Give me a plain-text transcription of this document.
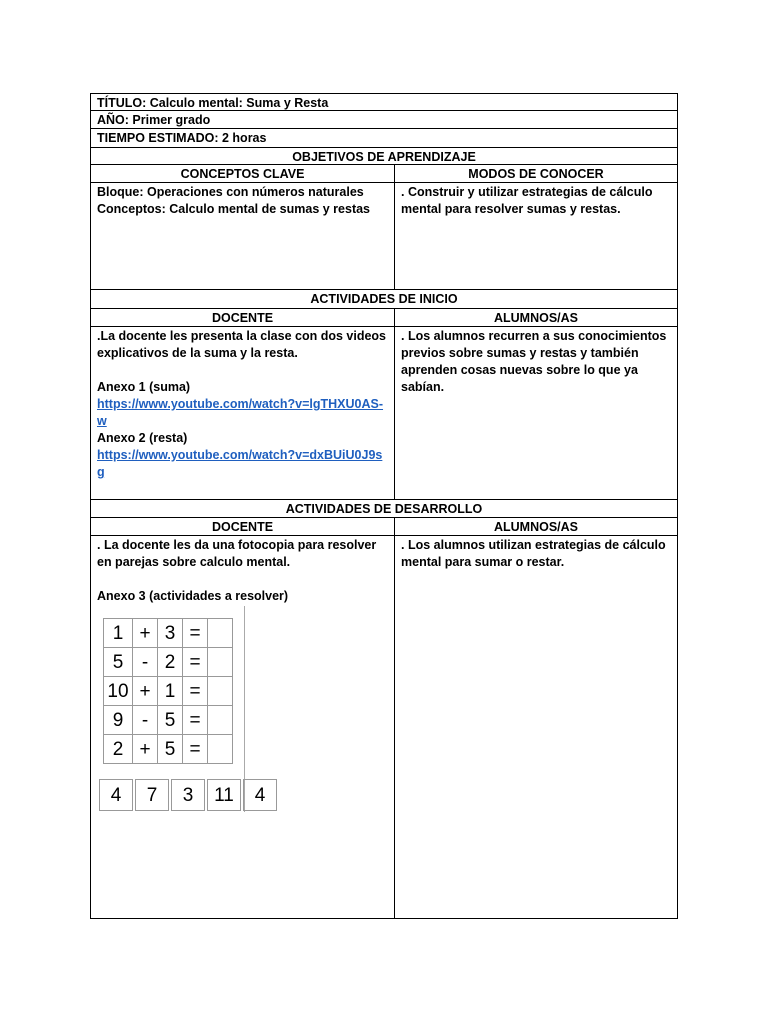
TÍTULO: Calculo mental: Suma y Resta
AÑO: Primer grado
TIEMPO ESTIMADO: 2 horas
OBJETIVOS DE APRENDIZAJE
CONCEPTOS CLAVE	MODOS DE CONOCER
Bloque: Operaciones con números naturales
Conceptos: Calculo mental de sumas y restas
. Construir y utilizar estrategias de cálculo mental para resolver sumas y restas.
ACTIVIDADES DE INICIO
DOCENTE	ALUMNOS/AS
.La docente les presenta la clase con dos videos explicativos de la suma y la resta.
Anexo 1 (suma)
https://www.youtube.com/watch?v=lgTHXU0AS-w
Anexo 2 (resta)
https://www.youtube.com/watch?v=dxBUiU0J9sg
. Los alumnos recurren a sus conocimientos previos sobre sumas y restas y también aprenden cosas nuevas sobre lo que ya sabían.
ACTIVIDADES DE DESARROLLO
DOCENTE	ALUMNOS/AS
. La docente les da una fotocopia para resolver en parejas sobre calculo mental.
Anexo 3 (actividades a resolver)
1	+	3	=	
5	-	2	=	
10	+	1	=	
9	-	5	=	
2	+	5	=	
4	7	3	11	4
. Los alumnos utilizan estrategias de cálculo mental para sumar o restar.
